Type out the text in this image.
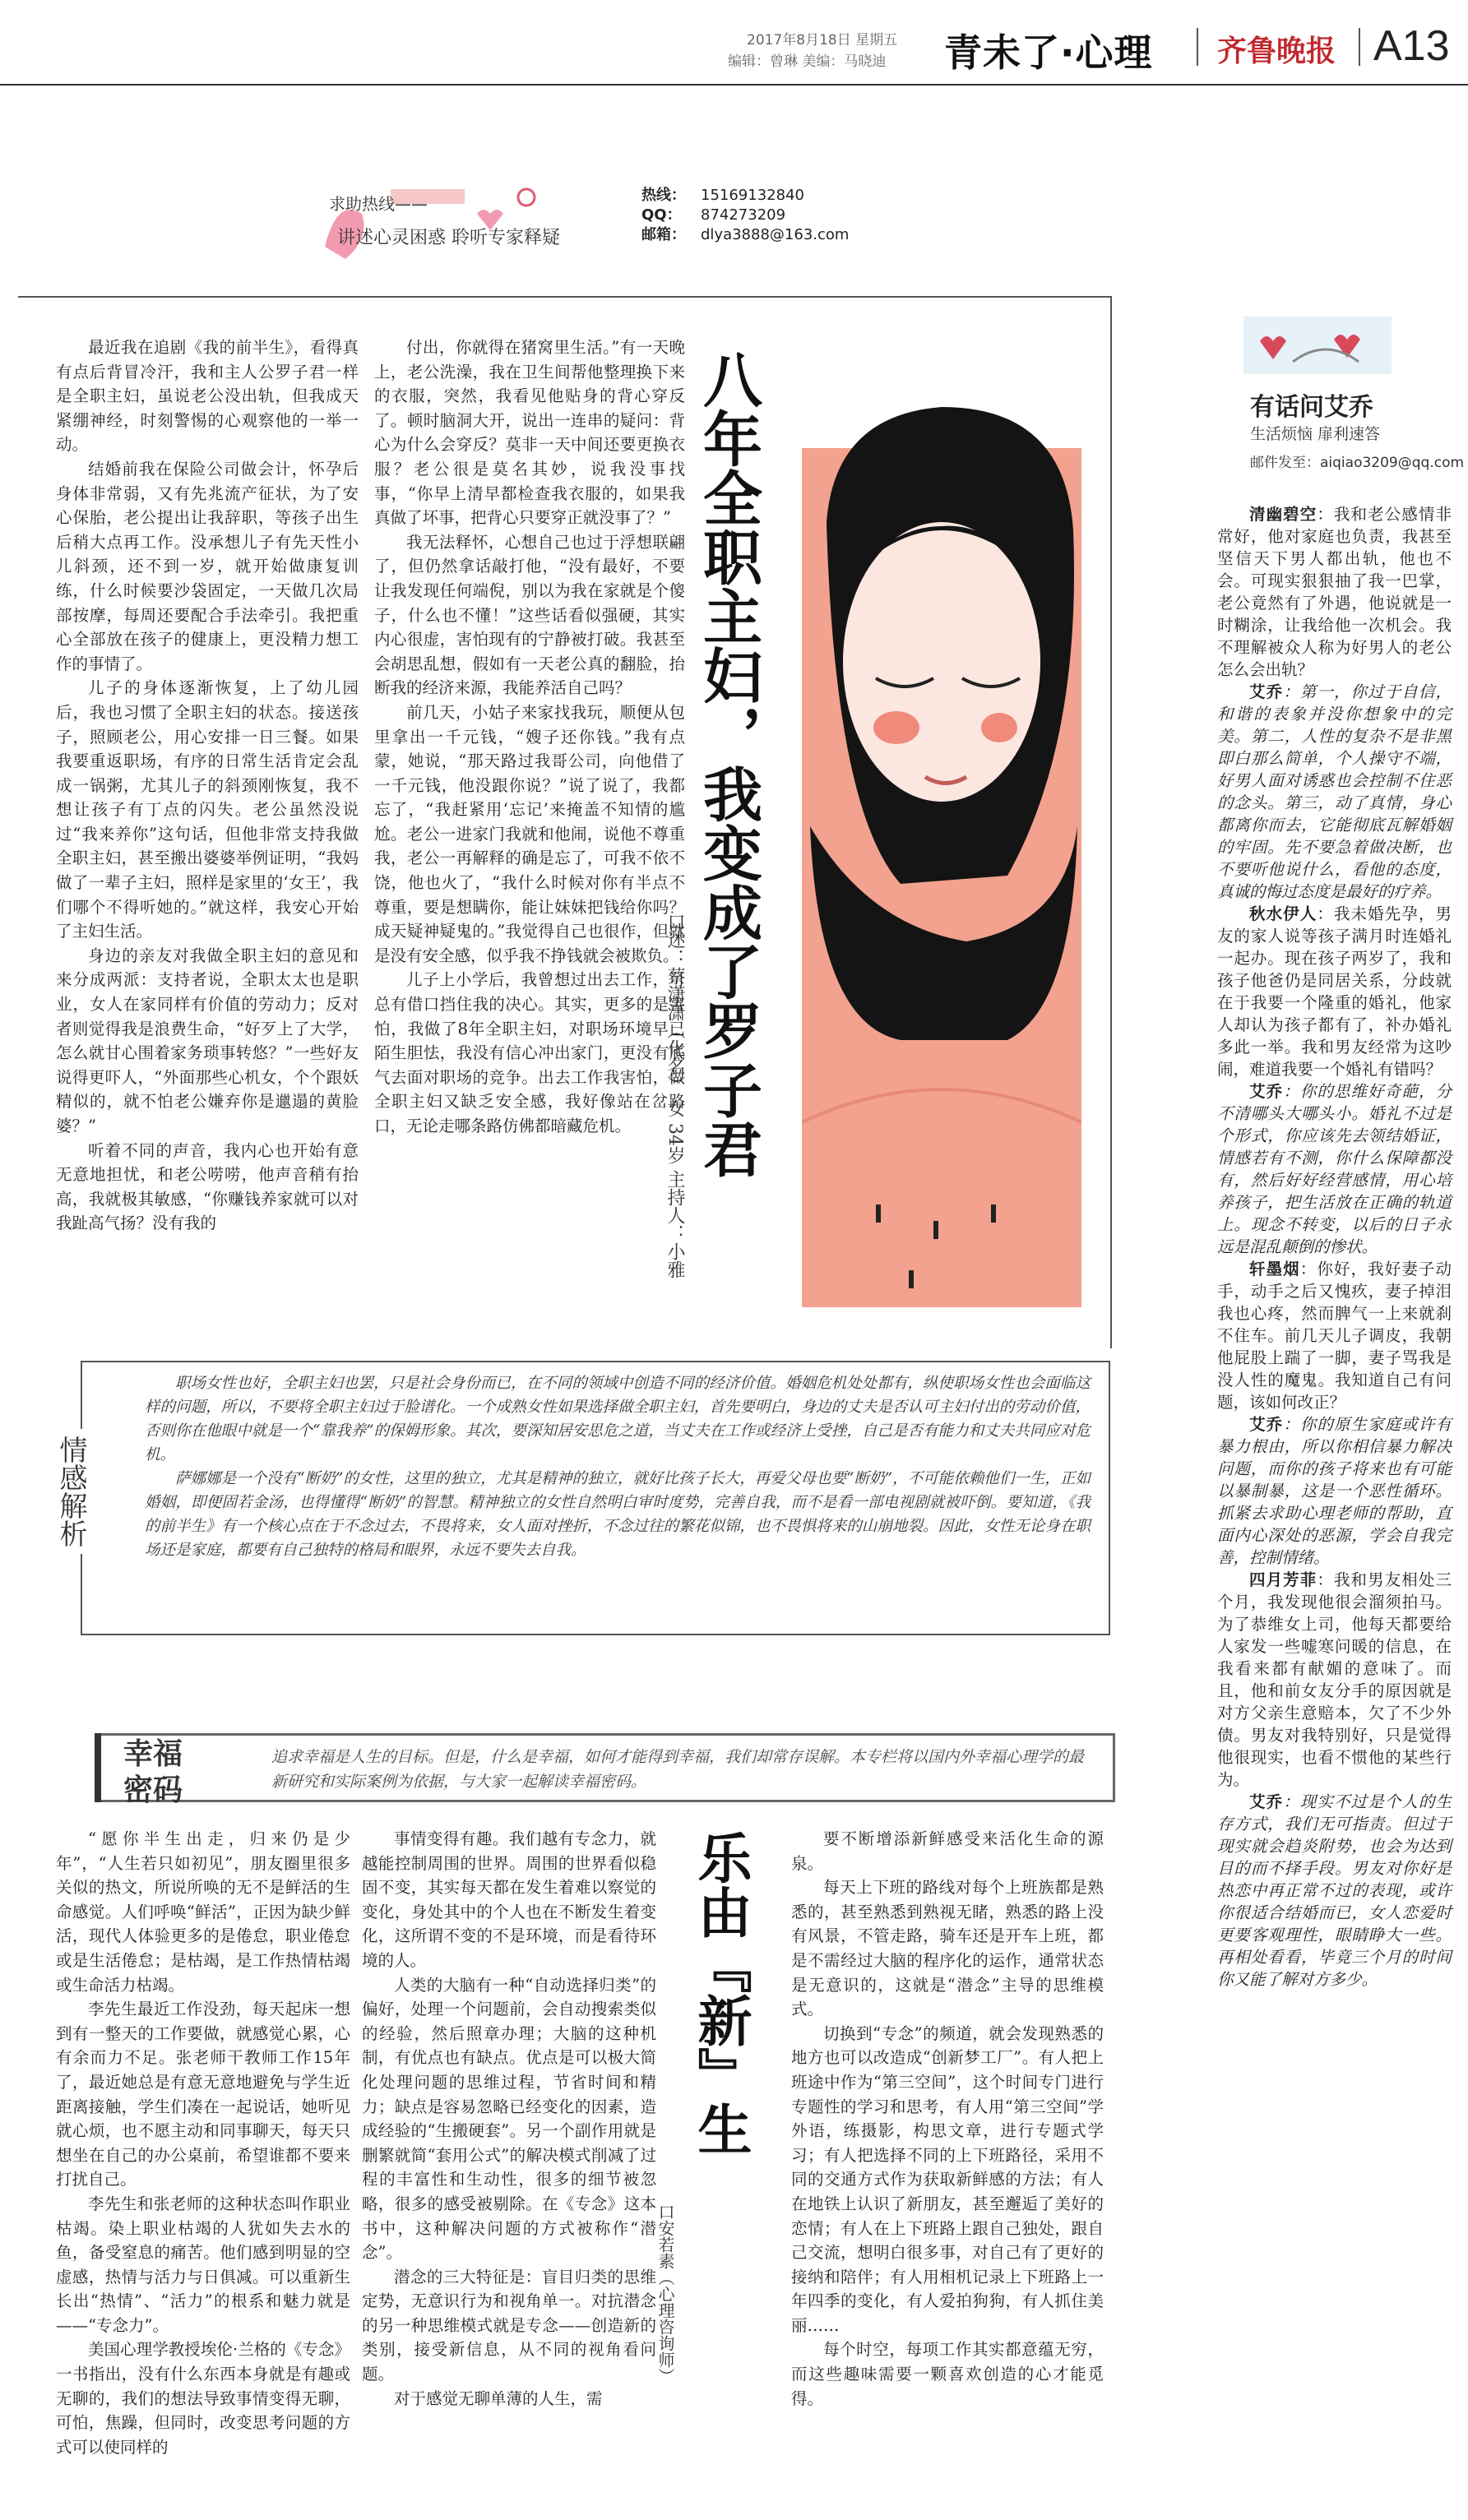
2017年8月18日 星期五
编辑：曾琳 美编：马晓迪 青未了·心理 齐鲁晚报 A13
求助热线——
讲述心灵困惑 聆听专家释疑
热线： 15169132840
QQ： 874273209
邮箱： dlya3888@163.com

最近我在追剧《我的前半生》，看得真有点后背冒冷汗，我和主人公罗子君一样是全职主妇，虽说老公没出轨，但我成天紧绷神经，时刻警惕的心观察他的一举一动。

结婚前我在保险公司做会计，怀孕后身体非常弱，又有先兆流产征状，为了安心保胎，老公提出让我辞职，等孩子出生后稍大点再工作。没承想儿子有先天性小儿斜颈，还不到一岁，就开始做康复训练，什么时候要沙袋固定，一天做几次局部按摩，每周还要配合手法牵引。我把重心全部放在孩子的健康上，更没精力想工作的事情了。

儿子的身体逐渐恢复，上了幼儿园后，我也习惯了全职主妇的状态。接送孩子，照顾老公，用心安排一日三餐。如果我要重返职场，有序的日常生活肯定会乱成一锅粥，尤其儿子的斜颈刚恢复，我不想让孩子有丁点的闪失。老公虽然没说过“我来养你”这句话，但他非常支持我做全职主妇，甚至搬出婆婆举例证明，“我妈做了一辈子主妇，照样是家里的‘女王’，我们哪个不得听她的。”就这样，我安心开始了主妇生活。

身边的亲友对我做全职主妇的意见和来分成两派：支持者说，全职太太也是职业，女人在家同样有价值的劳动力；反对者则觉得我是浪费生命，“好歹上了大学，怎么就甘心围着家务琐事转悠？”一些好友说得更吓人，“外面那些心机女，个个跟妖精似的，就不怕老公嫌弃你是邋遢的黄脸婆？”

听着不同的声音，我内心也开始有意无意地担忧，和老公唠唠，他声音稍有抬高，我就极其敏感，“你赚钱养家就可以对我趾高气扬？没有我的

付出，你就得在猪窝里生活。”有一天晚上，老公洗澡，我在卫生间帮他整理换下来的衣服，突然，我看见他贴身的背心穿反了。顿时脑洞大开，说出一连串的疑问：背心为什么会穿反？莫非一天中间还要更换衣服？老公很是莫名其妙，说我没事找事，“你早上清早都检查我衣服的，如果我真做了坏事，把背心只要穿正就没事了？”

我无法释怀，心想自己也过于浮想联翩了，但仍然拿话敲打他，“没有最好，不要让我发现任何端倪，别以为我在家就是个傻子，什么也不懂！”这些话看似强硬，其实内心很虚，害怕现有的宁静被打破。我甚至会胡思乱想，假如有一天老公真的翻脸，抬断我的经济来源，我能养活自己吗？

前几天，小姑子来家找我玩，顺便从包里拿出一千元钱，“嫂子还你钱。”我有点蒙，她说，“那天路过我哥公司，向他借了一千元钱，他没跟你说？”说了说了，我都忘了，“我赶紧用‘忘记’来掩盖不知情的尴尬。老公一进家门我就和他闹，说他不尊重我，老公一再解释的确是忘了，可我不依不饶，他也火了，“我什么时候对你有半点不尊重，要是想瞒你，能让妹妹把钱给你吗？成天疑神疑鬼的。”我觉得自己也很作，但就是没有安全感，似乎我不挣钱就会被欺负。

儿子上小学后，我曾想过出去工作，可总有借口挡住我的决心。其实，更多的是害怕，我做了8年全职主妇，对职场环境早已陌生胆怯，我没有信心冲出家门，更没有底气去面对职场的竞争。出去工作我害怕，做全职主妇又缺乏安全感，我好像站在岔路口，无论走哪条路仿佛都暗藏危机。	八年全职主妇，我变成了罗子君
口述：蔡潇潇（化名） 女 34岁 主持人：小雅
情感解析

职场女性也好，全职主妇也罢，只是社会身份而已，在不同的领域中创造不同的经济价值。婚姻危机处处都有，纵使职场女性也会面临这样的问题，所以，不要将全职主妇过于脸谱化。一个成熟女性如果选择做全职主妇，首先要明白，身边的丈夫是否认可主妇付出的劳动价值，否则你在他眼中就是一个“靠我养”的保姆形象。其次，要深知居安思危之道，当丈夫在工作或经济上受挫，自己是否有能力和丈夫共同应对危机。

萨娜娜是一个没有“断奶”的女性，这里的独立，尤其是精神的独立，就好比孩子长大，再爱父母也要“断奶”，不可能依赖他们一生，正如婚姻，即便固若金汤，也得懂得“断奶”的智慧。精神独立的女性自然明白审时度势，完善自我，而不是看一部电视剧就被吓倒。要知道，《我的前半生》有一个核心点在于不念过去，不畏将来，女人面对挫折，不念过往的繁花似锦，也不畏惧将来的山崩地裂。因此，女性无论身在职场还是家庭，都要有自己独特的格局和眼界，永远不要失去自我。

幸福
密码
追求幸福是人生的目标。但是，什么是幸福，如何才能得到幸福，我们却常存误解。本专栏将以国内外幸福心理学的最新研究和实际案例为依据，与大家一起解读幸福密码。

“愿你半生出走，归来仍是少年”，“人生若只如初见”，朋友圈里很多关似的热文，所说所唤的无不是鲜活的生命感觉。人们呼唤“鲜活”，正因为缺少鲜活，现代人体验更多的是倦怠，职业倦怠或是生活倦怠；是枯竭，是工作热情枯竭或生命活力枯竭。

李先生最近工作没劲，每天起床一想到有一整天的工作要做，就感觉心累，心有余而力不足。张老师干教师工作15年了，最近她总是有意无意地避免与学生近距离接触，学生们凑在一起说话，她听见就心烦，也不愿主动和同事聊天，每天只想坐在自己的办公桌前，希望谁都不要来打扰自己。

李先生和张老师的这种状态叫作职业枯竭。染上职业枯竭的人犹如失去水的鱼，备受窒息的痛苦。他们感到明显的空虚感，热情与活力与日俱减。可以重新生长出“热情”、“活力”的根系和魅力就是——“专念力”。

美国心理学教授埃伦·兰格的《专念》一书指出，没有什么东西本身就是有趣或无聊的，我们的想法导致事情变得无聊，可怕，焦躁，但同时，改变思考问题的方式可以使同样的

事情变得有趣。我们越有专念力，就越能控制周围的世界。周围的世界看似稳固不变，其实每天都在发生着难以察觉的变化，身处其中的个人也在不断发生着变化，这所谓不变的不是环境，而是看待环境的人。

人类的大脑有一种“自动选择归类”的偏好，处理一个问题前，会自动搜索类似的经验，然后照章办理；大脑的这种机制，有优点也有缺点。优点是可以极大简化处理问题的思维过程，节省时间和精力；缺点是容易忽略已经变化的因素，造成经验的“生搬硬套”。另一个副作用就是删繁就简“套用公式”的解决模式削减了过程的丰富性和生动性，很多的细节被忽略，很多的感受被剔除。在《专念》这本书中，这种解决问题的方式被称作“潜念”。

潜念的三大特征是：盲目归类的思维定势，无意识行为和视角单一。对抗潜念的另一种思维模式就是专念——创造新的类别，接受新信息，从不同的视角看问题。

对于感觉无聊单薄的人生，需

乐由『新』生
口安若素（心理咨询师）

要不断增添新鲜感受来活化生命的源泉。

每天上下班的路线对每个上班族都是熟悉的，甚至熟悉到熟视无睹，熟悉的路上没有风景，不管走路，骑车还是开车上班，都是不需经过大脑的程序化的运作，通常状态是无意识的，这就是“潜念”主导的思维模式。

切换到“专念”的频道，就会发现熟悉的地方也可以改造成“创新梦工厂”。有人把上班途中作为“第三空间”，这个时间专门进行专题性的学习和思考，有人用“第三空间”学外语，练摄影，构思文章，进行专题式学习；有人把选择不同的上下班路径，采用不同的交通方式作为获取新鲜感的方法；有人在地铁上认识了新朋友，甚至邂逅了美好的恋情；有人在上下班路上跟自己独处，跟自己交流，想明白很多事，对自己有了更好的接纳和陪伴；有人用相机记录上下班路上一年四季的变化，有人爱拍狗狗，有人抓住美丽……

每个时空，每项工作其实都意蕴无穷，而这些趣味需要一颗喜欢创造的心才能觅得。

有话问艾乔
生活烦恼 扉利速答
邮件发至：aiqiao3209@qq.com

清幽碧空：我和老公感情非常好，他对家庭也负责，我甚至坚信天下男人都出轨，他也不会。可现实狠狠抽了我一巴掌，老公竟然有了外遇，他说就是一时糊涂，让我给他一次机会。我不理解被众人称为好男人的老公怎么会出轨？

艾乔：第一，你过于自信，和谐的表象并没你想象中的完美。第二，人性的复杂不是非黑即白那么简单，个人操守不端，好男人面对诱惑也会控制不住恶的念头。第三，动了真情，身心都离你而去，它能彻底瓦解婚姻的牢固。先不要急着做决断，也不要听他说什么，看他的态度，真诚的悔过态度是最好的疗养。

秋水伊人：我未婚先孕，男友的家人说等孩子满月时连婚礼一起办。现在孩子两岁了，我和孩子他爸仍是同居关系，分歧就在于我要一个隆重的婚礼，他家人却认为孩子都有了，补办婚礼多此一举。我和男友经常为这吵闹，难道我要一个婚礼有错吗？

艾乔：你的思维好奇葩，分不清哪头大哪头小。婚礼不过是个形式，你应该先去领结婚证，情感若有不测，你什么保障都没有，然后好好经营感情，用心培养孩子，把生活放在正确的轨道上。现念不转变，以后的日子永远是混乱颠倒的惨状。

轩墨烟：你好，我好妻子动手，动手之后又愧疚，妻子掉泪我也心疼，然而脾气一上来就刹不住车。前几天儿子调皮，我朝他屁股上踹了一脚，妻子骂我是没人性的魔鬼。我知道自己有问题，该如何改正？

艾乔：你的原生家庭或许有暴力根由，所以你相信暴力解决问题，而你的孩子将来也有可能以暴制暴，这是一个恶性循环。抓紧去求助心理老师的帮助，直面内心深处的恶源，学会自我完善，控制情绪。

四月芳菲：我和男友相处三个月，我发现他很会溜须拍马。为了恭维女上司，他每天都要给人家发一些嘘寒问暖的信息，在我看来都有献媚的意味了。而且，他和前女友分手的原因就是对方父亲生意赔本，欠了不少外债。男友对我特别好，只是觉得他很现实，也看不惯他的某些行为。

艾乔：现实不过是个人的生存方式，我们无可指责。但过于现实就会趋炎附势，也会为达到目的而不择手段。男友对你好是热恋中再正常不过的表现，或许你很适合结婚而已，女人恋爱时更要客观理性，眼睛睁大一些。再相处看看，毕竟三个月的时间你又能了解对方多少。
